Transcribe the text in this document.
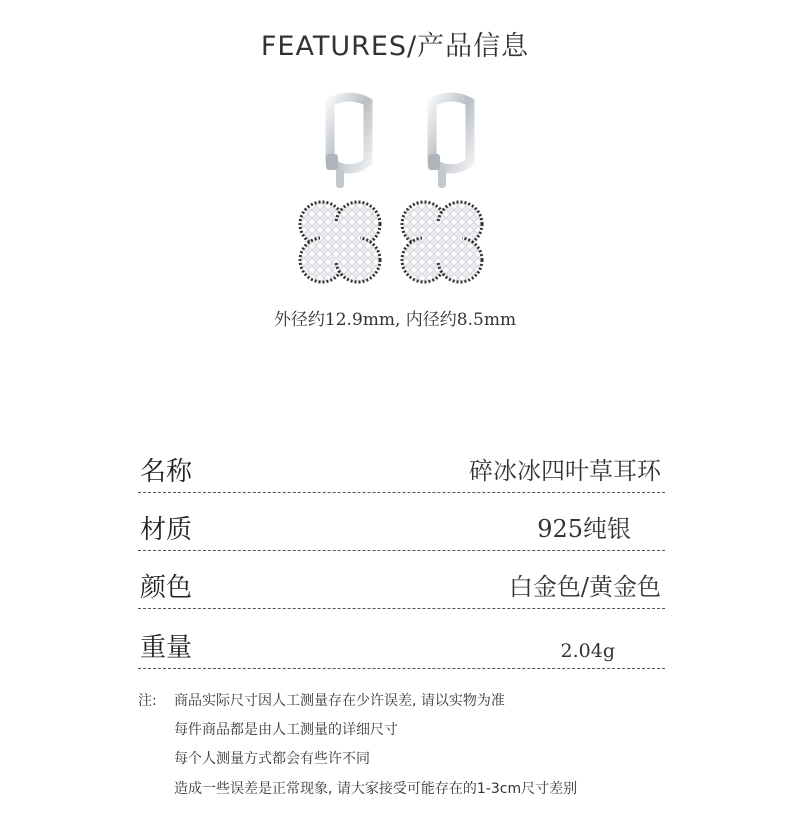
FEATURES/产品信息
外径约12.9mm, 内径约8.5mm
名称	碎冰冰四叶草耳环
材质	925纯银
颜色	白金色/黄金色
重量	2.04g
注: 商品实际尺寸因人工测量存在少许误差, 请以实物为准
每件商品都是由人工测量的详细尺寸
每个人测量方式都会有些许不同
造成一些误差是正常现象, 请大家接受可能存在的1-3cm尺寸差别
